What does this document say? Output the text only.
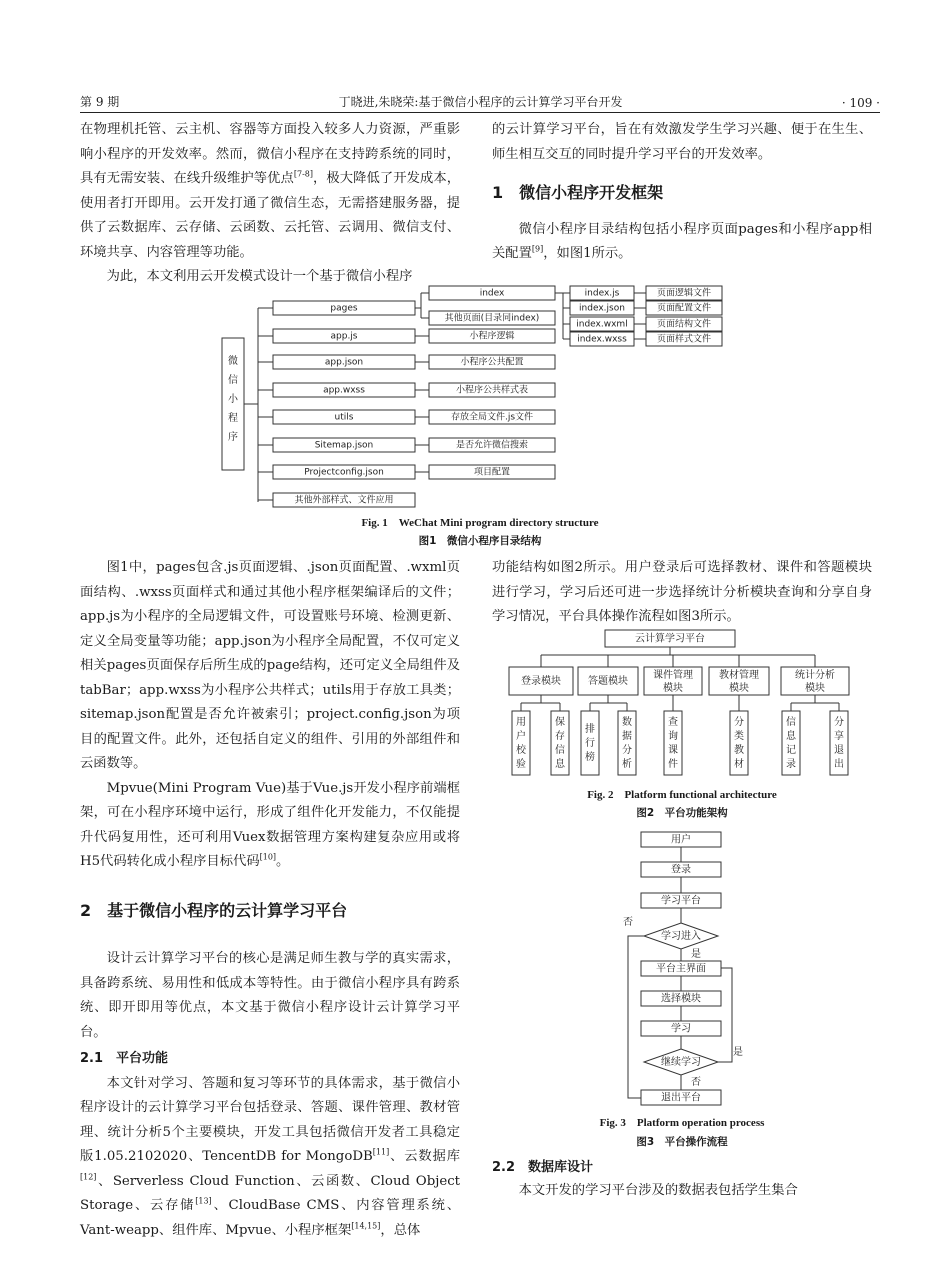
第 9 期	丁晓进,朱晓荣:基于微信小程序的云计算学习平台开发	· 109 ·

在物理机托管、云主机、容器等方面投入较多人力资源，严重影响小程序的开发效率。然而，微信小程序在支持跨系统的同时，具有无需安装、在线升级维护等优点[7-8]，极大降低了开发成本，使用者打开即用。云开发打通了微信生态，无需搭建服务器，提供了云数据库、云存储、云函数、云托管、云调用、微信支付、环境共享、内容管理等功能。

为此，本文利用云开发模式设计一个基于微信小程序

的云计算学习平台，旨在有效激发学生学习兴趣、便于在生生、师生相互交互的同时提升学习平台的开发效率。

1　微信小程序开发框架

微信小程序目录结构包括小程序页面pages和小程序app相关配置[9]，如图1所示。

微
信
小
程
序
pages
app.js	小程序逻辑
app.json	小程序公共配置
app.wxss	小程序公共样式表
utils	存放全局文件.js文件
Sitemap.json	是否允许微信搜索
Projectconfig.json	项目配置
其他外部样式、文件应用
index
其他页面(目录同index)
index.js	页面逻辑文件
index.json	页面配置文件
index.wxml	页面结构文件
index.wxss	页面样式文件
Fig. 1　WeChat Mini program directory structure
图1　微信小程序目录结构

图1中，pages包含.js页面逻辑、.json页面配置、.wxml页面结构、.wxss页面样式和通过其他小程序框架编译后的文件；app.js为小程序的全局逻辑文件，可设置账号环境、检测更新、定义全局变量等功能；app.json为小程序全局配置，不仅可定义相关pages页面保存后所生成的page结构，还可定义全局组件及tabBar；app.wxss为小程序公共样式；utils用于存放工具类；sitemap.json配置是否允许被索引；project.config.json为项目的配置文件。此外，还包括自定义的组件、引用的外部组件和云函数等。

Mpvue(Mini Program Vue)基于Vue.js开发小程序前端框架，可在小程序环境中运行，形成了组件化开发能力，不仅能提升代码复用性，还可利用Vuex数据管理方案构建复杂应用或将H5代码转化成小程序目标代码[10]。

2　基于微信小程序的云计算学习平台

设计云计算学习平台的核心是满足师生教与学的真实需求，具备跨系统、易用性和低成本等特性。由于微信小程序具有跨系统、即开即用等优点，本文基于微信小程序设计云计算学习平台。

2.1　平台功能

本文针对学习、答题和复习等环节的具体需求，基于微信小程序设计的云计算学习平台包括登录、答题、课件管理、教材管理、统计分析5个主要模块，开发工具包括微信开发者工具稳定版1.05.2102020、TencentDB for MongoDB[11]、云数据库[12]、Serverless Cloud Function、云函数、Cloud Object Storage、云存储[13]、CloudBase CMS、内容管理系统、Vant-weapp、组件库、Mpvue、小程序框架[14,15]，总体

功能结构如图2所示。用户登录后可选择教材、课件和答题模块进行学习，学习后还可进一步选择统计分析模块查询和分享自身学习情况，平台具体操作流程如图3所示。

云计算学习平台
登录模块
用
户
校
验
保
存
信
息
答题模块
排
行
榜
数
据
分
析
课件管理
模块
查
询
课
件
教材管理
模块
分
类
教
材
统计分析
模块
信
息
记
录
分
享
退
出
Fig. 2　Platform functional architecture
图2　平台功能架构
用户
登录
学习平台
学习进入
是
平台主界面
选择模块
学习
继续学习
否
退出平台
否
是
Fig. 3　Platform operation process
图3　平台操作流程

2.2　数据库设计

本文开发的学习平台涉及的数据表包括学生集合
